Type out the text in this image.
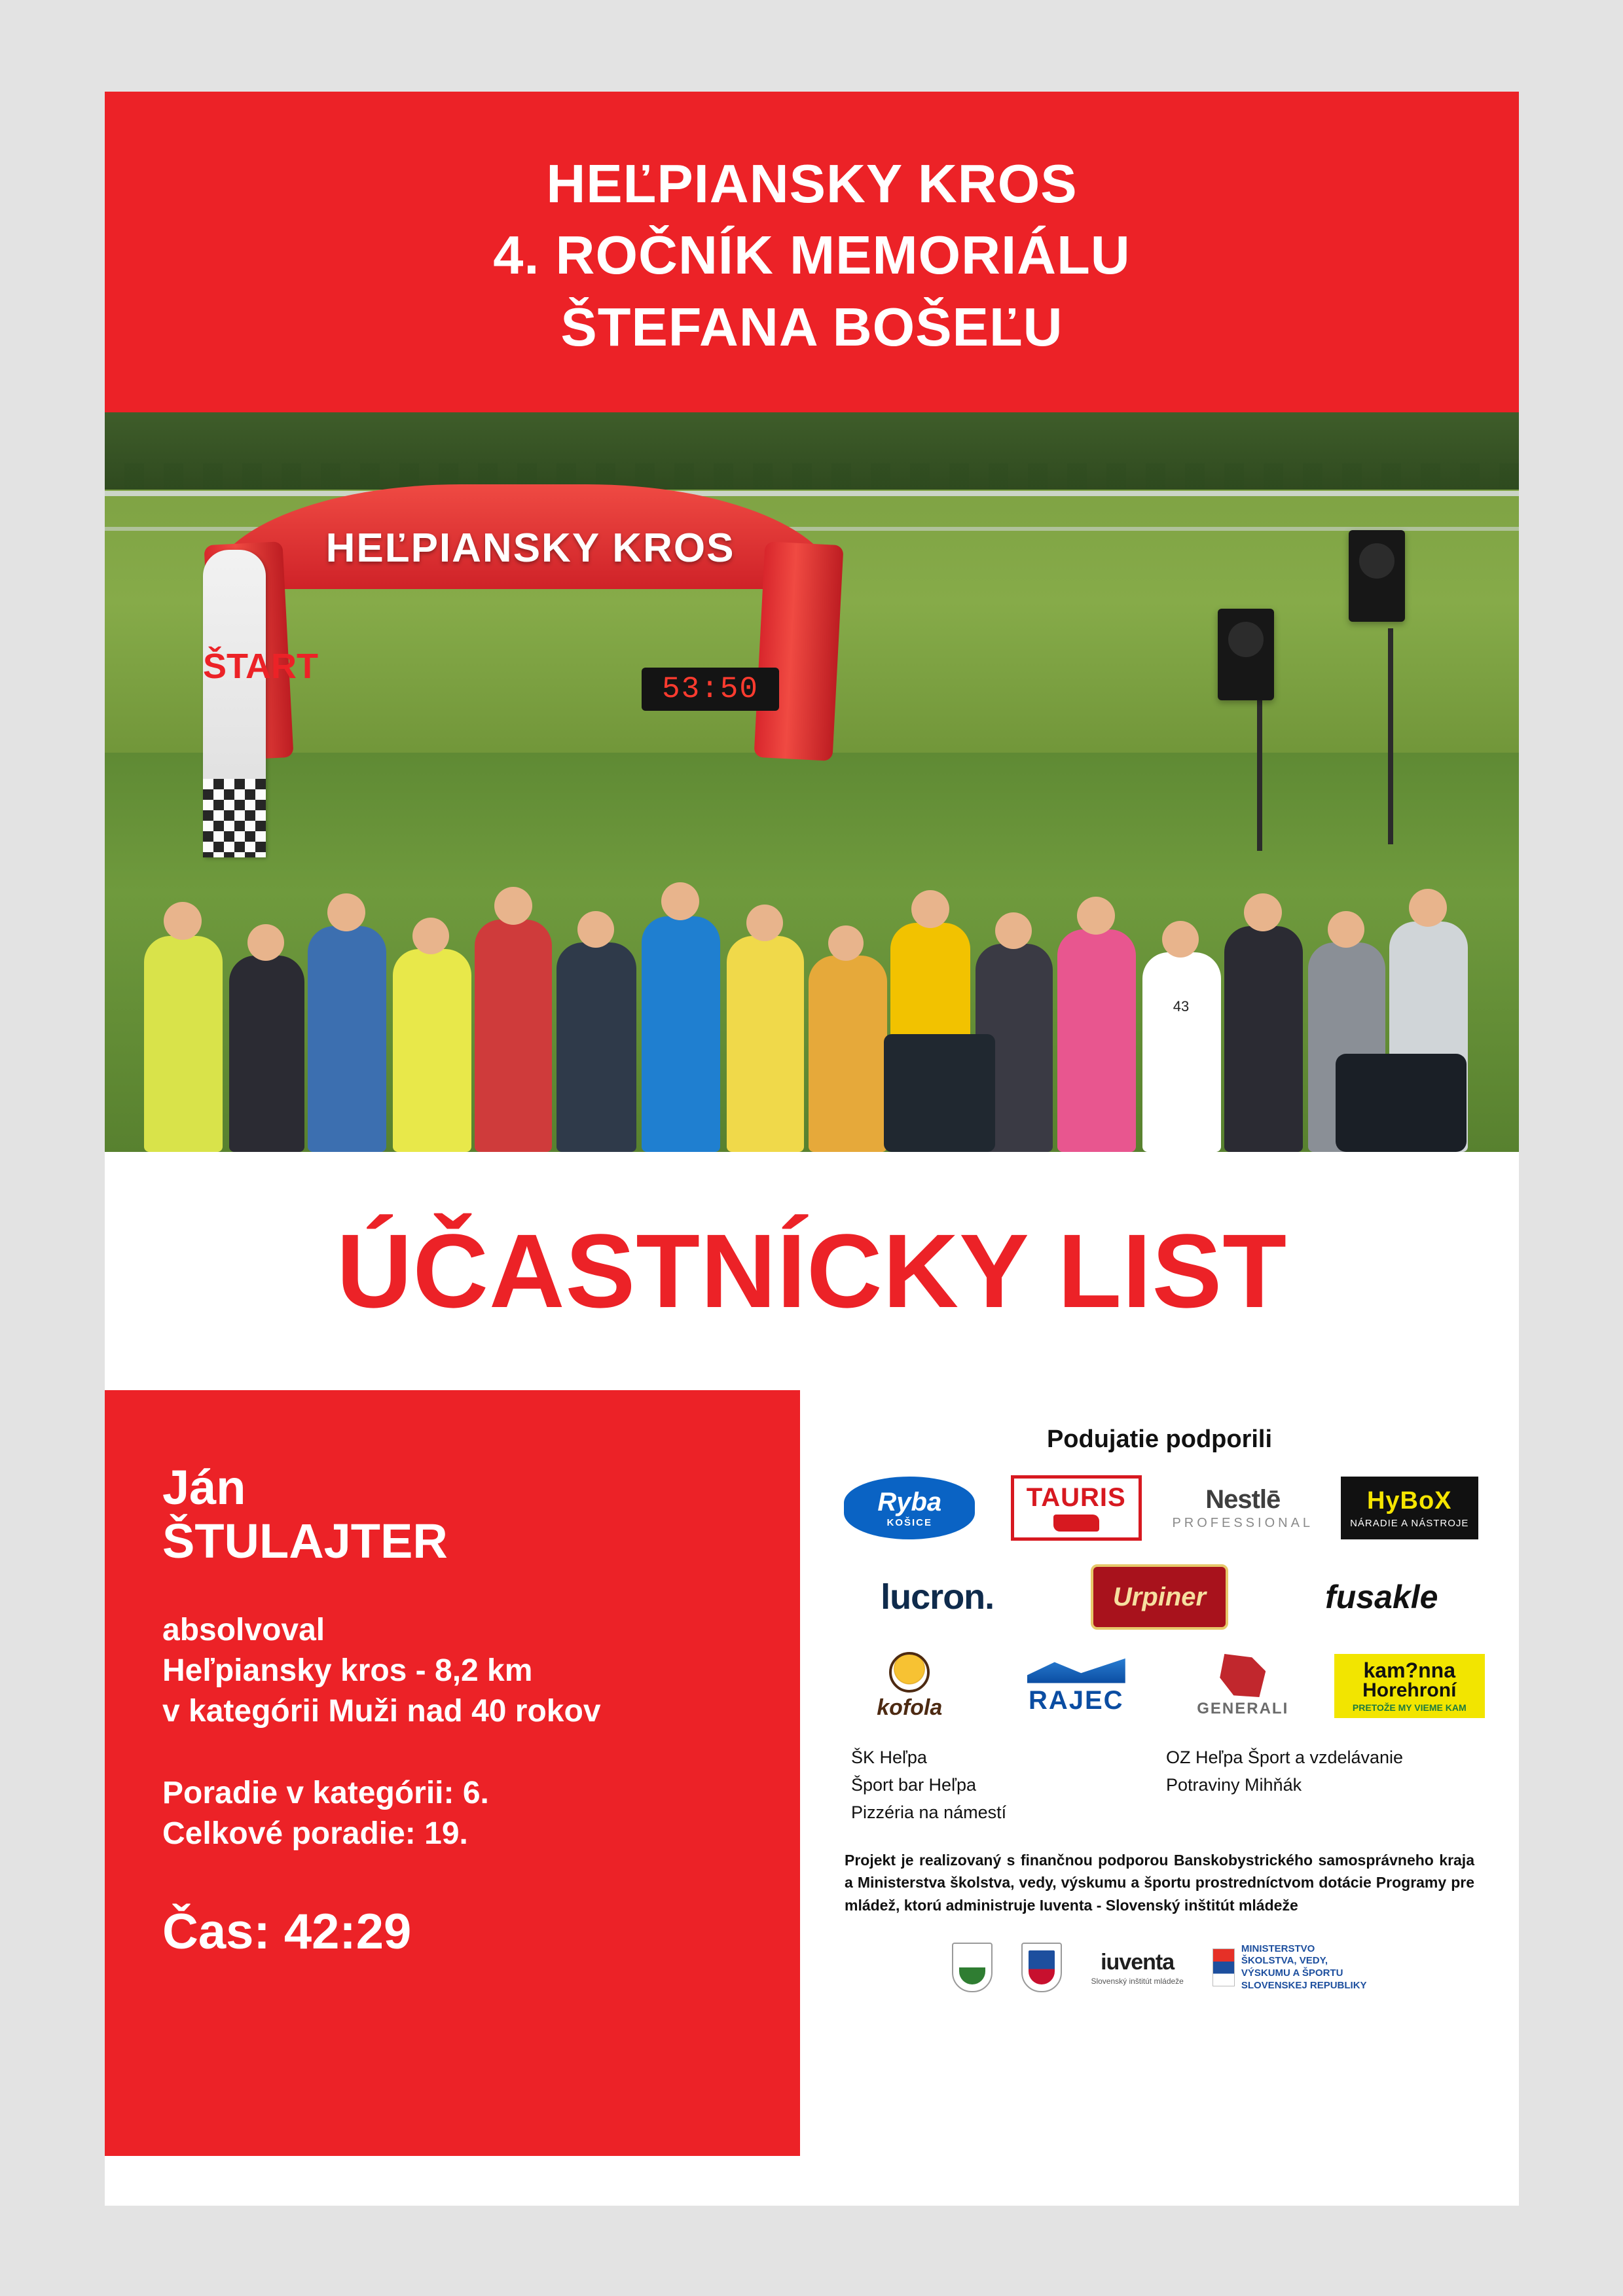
HEĽPIANSKY KROS
4. ROČNÍK MEMORIÁLU
ŠTEFANA BOŠEĽU
HEĽPIANSKY KROS
53:50
ŠTART
43
ÚČASTNÍCKY LIST
Ján
ŠTULAJTER
absolvoval
Heľpiansky kros - 8,2 km
v kategórii Muži nad 40 rokov
Poradie v kategórii: 6.
Celkové poradie: 19.
Čas: 42:29
Podujatie podporili
Ryba
KOŠICE
TAURIS	Nestlē
PROFESSIONAL
HyBoX
NÁRADIE A NÁSTROJE
lucron.	Urpiner	fusakle
kofola	RAJEC	GENERALI
kam?nna
Horehroní
PRETOŽE MY VIEME KAM
ŠK Heľpa
Šport bar Heľpa
Pizzéria na námestí
OZ Heľpa Šport a vzdelávanie
Potraviny Mihňák
Projekt je realizovaný s finančnou podporou Banskobystrického samosprávneho kraja a Ministerstva školstva, vedy, výskumu a športu prostredníctvom dotácie Programy pre mládež, ktorú administruje Iuventa - Slovenský inštitút mládeže
iuventa
Slovenský inštitút mládeže
MINISTERSTVO
ŠKOLSTVA, VEDY,
VÝSKUMU A ŠPORTU
SLOVENSKEJ REPUBLIKY
